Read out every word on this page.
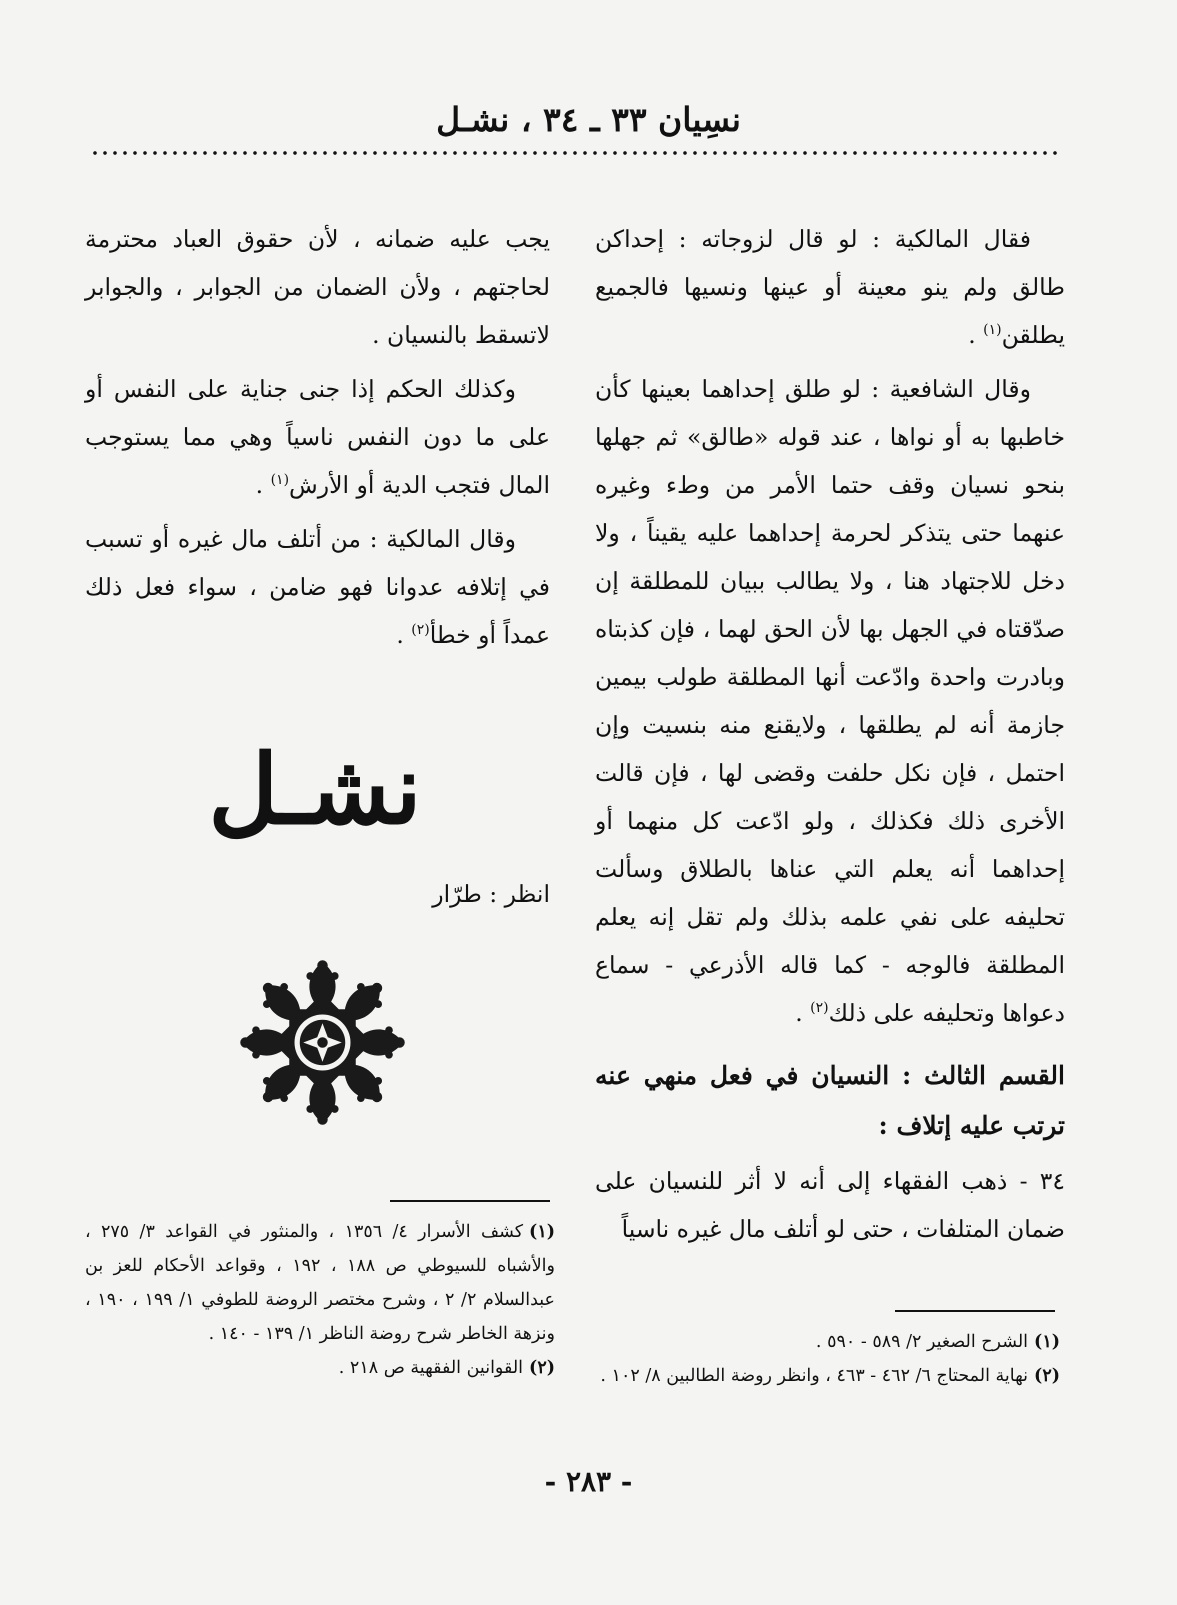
نسِيان ٣٣ ـ ٣٤ ، نشـل

فقال المالكية : لو قال لزوجاته : إحداكن طالق ولم ينو معينة أو عينها ونسيها فالجميع يطلقن$^{(١)}$ .

وقال الشافعية : لو طلق إحداهما بعينها كأن خاطبها به أو نواها ، عند قوله «طالق» ثم جهلها بنحو نسيان وقف حتما الأمر من وطء وغيره عنهما حتى يتذكر لحرمة إحداهما عليه يقيناً ، ولا دخل للاجتهاد هنا ، ولا يطالب ببيان للمطلقة إن صدّقتاه في الجهل بها لأن الحق لهما ، فإن كذبتاه وبادرت واحدة وادّعت أنها المطلقة طولب بيمين جازمة أنه لم يطلقها ، ولايقنع منه بنسيت وإن احتمل ، فإن نكل حلفت وقضى لها ، فإن قالت الأخرى ذلك فكذلك ، ولو ادّعت كل منهما أو إحداهما أنه يعلم التي عناها بالطلاق وسألت تحليفه على نفي علمه بذلك ولم تقل إنه يعلم المطلقة فالوجه - كما قاله الأذرعي - سماع دعواها وتحليفه على ذلك$^{(٢)}$ .

القسم الثالث : النسيان في فعل منهي عنه ترتب عليه إتلاف :

٣٤ - ذهب الفقهاء إلى أنه لا أثر للنسيان على ضمان المتلفات ، حتى لو أتلف مال غيره ناسياً

يجب عليه ضمانه ، لأن حقوق العباد محترمة لحاجتهم ، ولأن الضمان من الجوابر ، والجوابر لاتسقط بالنسيان .

وكذلك الحكم إذا جنى جناية على النفس أو على ما دون النفس ناسياً وهي مما يستوجب المال فتجب الدية أو الأرش$^{(١)}$ .

وقال المالكية : من أتلف مال غيره أو تسبب في إتلافه عدوانا فهو ضامن ، سواء فعل ذلك عمداً أو خطأ$^{(٢)}$ .

نشـل
انظر : طرّار

(١)كشف الأسرار ٤/ ١٣٥٦ ، والمنثور في القواعد ٣/ ٢٧٥ ، والأشباه للسيوطي ص ١٨٨ ، ١٩٢ ، وقواعد الأحكام للعز بن عبدالسلام ٢/ ٢ ، وشرح مختصر الروضة للطوفي ١/ ١٩٩ ، ١٩٠ ، ونزهة الخاطر شرح روضة الناظر ١/ ١٣٩ - ١٤٠ .

(٢)القوانين الفقهية ص ٢١٨ .

(١)الشرح الصغير ٢/ ٥٨٩ - ٥٩٠ .

(٢)نهاية المحتاج ٦/ ٤٦٢ - ٤٦٣ ، وانظر روضة الطالبين ٨/ ١٠٢ .

- ٢٨٣ -
